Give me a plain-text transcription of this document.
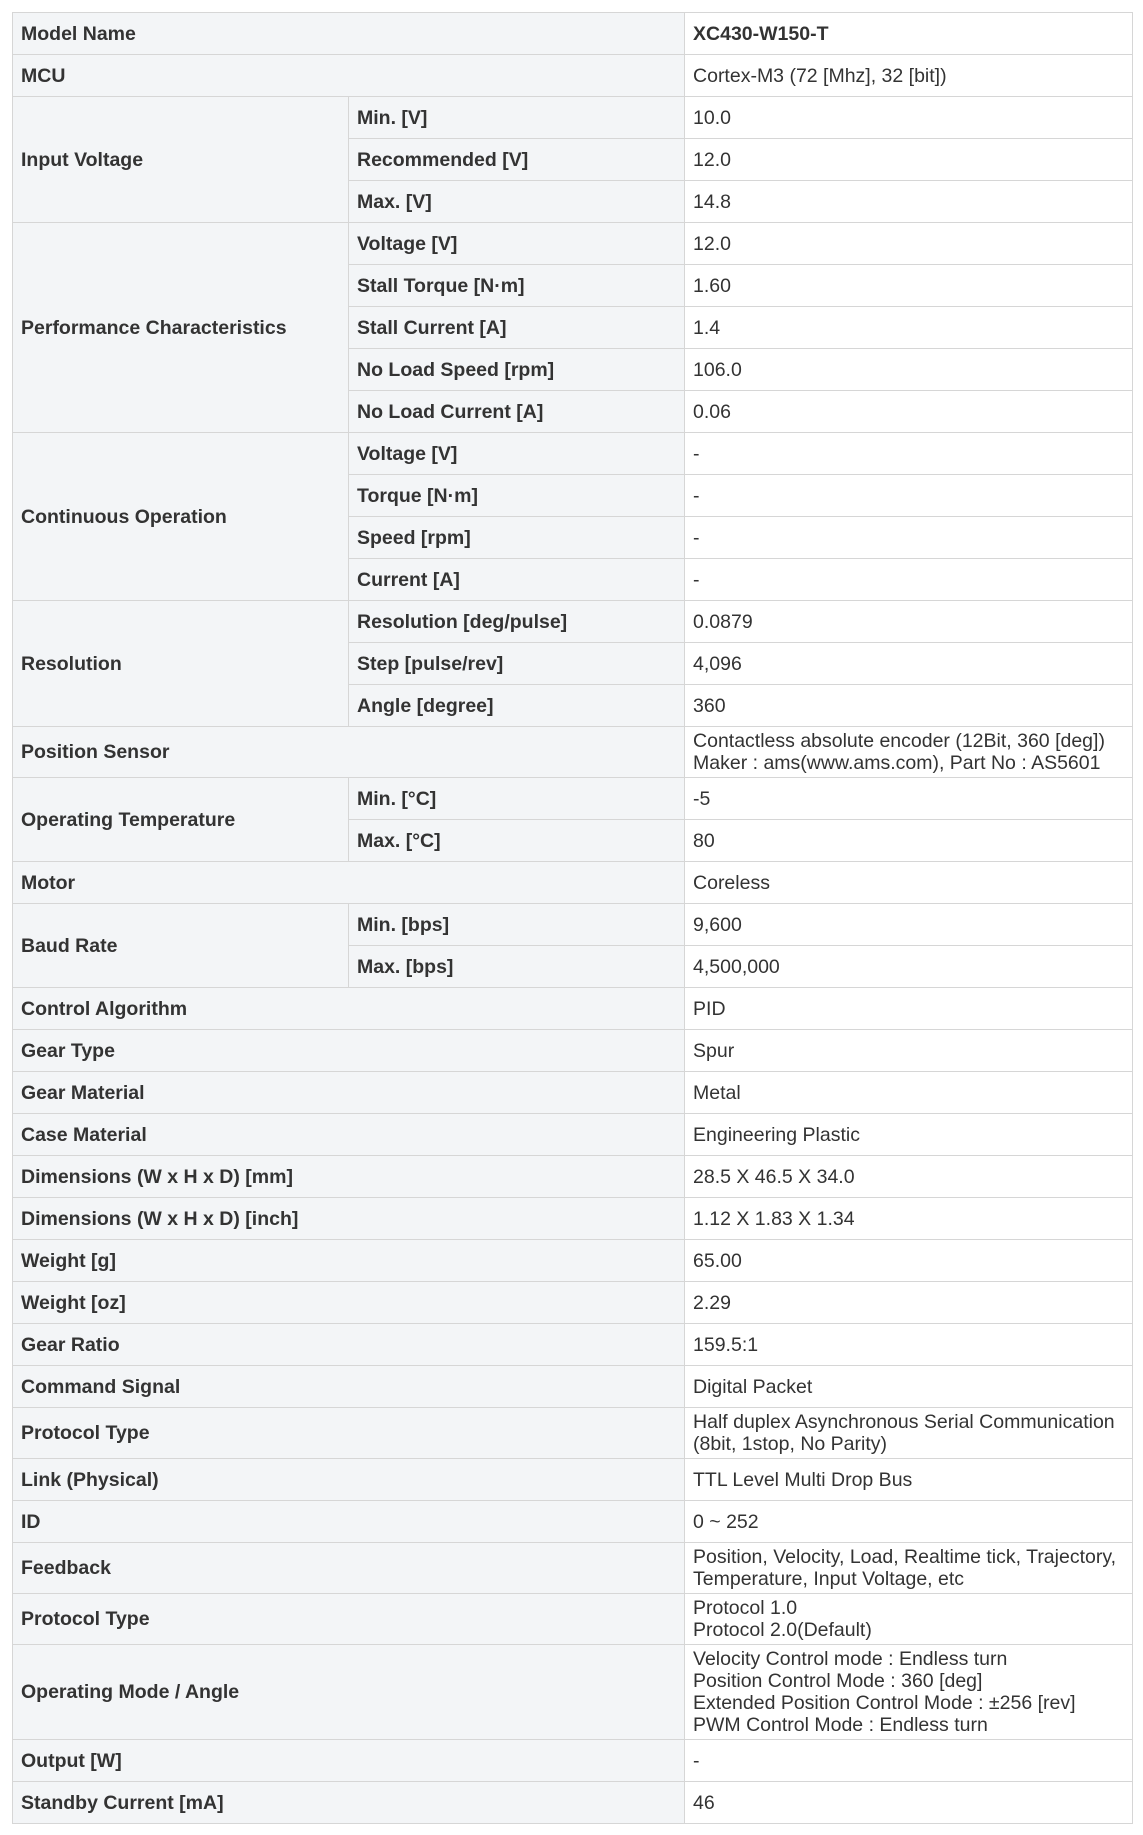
Model Name		XC430-W150-T

MCU		Cortex-M3 (72 [Mhz], 32 [bit])

Input Voltage	Min. [V]	10.0

	Recommended [V]	12.0

	Max. [V]	14.8

Performance Characteristics	Voltage [V]	12.0

	Stall Torque [N·m]	1.60

	Stall Current [A]	1.4

	No Load Speed [rpm]	106.0

	No Load Current [A]	0.06

Continuous Operation	Voltage [V]	-

	Torque [N·m]	-

	Speed [rpm]	-

	Current [A]	-

Resolution	Resolution [deg/pulse]	0.0879

	Step [pulse/rev]	4,096

	Angle [degree]	360

Position Sensor		Contactless absolute encoder (12Bit, 360 [deg])
Maker : ams(www.ams.com), Part No : AS5601

Operating Temperature	Min. [°C]	-5

	Max. [°C]	80

Motor		Coreless

Baud Rate	Min. [bps]	9,600

	Max. [bps]	4,500,000

Control Algorithm		PID

Gear Type		Spur

Gear Material		Metal

Case Material		Engineering Plastic

Dimensions (W x H x D) [mm]		28.5 X 46.5 X 34.0

Dimensions (W x H x D) [inch]		1.12 X 1.83 X 1.34

Weight [g]		65.00

Weight [oz]		2.29

Gear Ratio		159.5:1

Command Signal		Digital Packet

Protocol Type		Half duplex Asynchronous Serial Communication
(8bit, 1stop, No Parity)

Link (Physical)		TTL Level Multi Drop Bus

ID		0 ~ 252

Feedback		Position, Velocity, Load, Realtime tick, Trajectory,
Temperature, Input Voltage, etc

Protocol Type		Protocol 1.0
Protocol 2.0(Default)

Operating Mode / Angle		Velocity Control mode : Endless turn
Position Control Mode : 360 [deg]
Extended Position Control Mode : ±256 [rev]
PWM Control Mode : Endless turn

Output [W]		-

Standby Current [mA]		46
